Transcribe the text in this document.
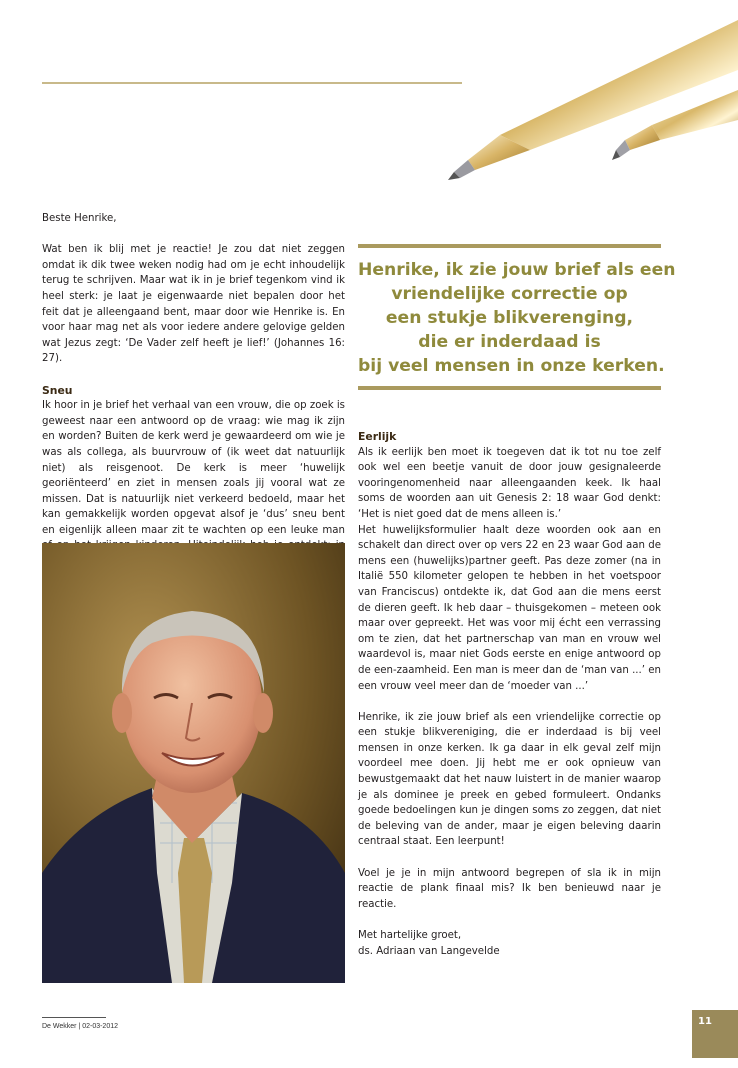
Beste Henrike,

Wat ben ik blij met je reactie! Je zou dat niet zeggen omdat ik dik twee weken nodig had om je echt inhoudelijk terug te schrijven. Maar wat ik in je brief tegenkom vind ik heel sterk: je laat je eigenwaarde niet bepalen door het feit dat je alleengaand bent, maar door wie Henrike is. En voor haar mag net als voor iedere andere gelovige gelden wat Jezus zegt: ‘De Vader zelf heeft je lief!’ (Johannes 16: 27).

Sneu

Ik hoor in je brief het verhaal van een vrouw, die op zoek is geweest naar een antwoord op de vraag: wie mag ik zijn en worden? Buiten de kerk werd je gewaardeerd om wie je was als collega, als buurvrouw of (ik weet dat natuurlijk niet) als reisgenoot. De kerk is meer ‘huwelijk georiënteerd’ en ziet in mensen zoals jij vooral wat ze missen. Dat is natuurlijk niet verkeerd bedoeld, maar het kan gemakkelijk worden opgevat alsof je ‘dus’ sneu bent en eigenlijk alleen maar zit te wachten op een leuke man

Henrike, ik zie jouw brief als een
vriendelijke correctie op
een stukje blikverenging,
die er inderdaad is
bij veel mensen in onze kerken.
Eerlijk

Als ik eerlijk ben moet ik toegeven dat ik tot nu toe zelf ook wel een beetje vanuit de door jouw gesignaleerde vooringenomenheid naar alleengaanden keek. Ik haal soms de woorden aan uit Genesis 2: 18 waar God denkt: ‘Het is niet goed dat de mens alleen is.’

Het huwelijksformulier haalt deze woorden ook aan en schakelt dan direct over op vers 22 en 23 waar God aan de mens een (huwelijks)partner geeft. Pas deze zomer (na in Italië 550 kilometer gelopen te hebben in het voetspoor van Franciscus) ontdekte ik, dat God aan die mens eerst de dieren geeft. Ik heb daar – thuisgekomen – meteen ook maar over gepreekt. Het was voor mij écht een verrassing om te zien, dat het partnerschap van man en vrouw wel waardevol is, maar niet Gods eerste en enige antwoord op de een-zaamheid. Een man is meer dan de ‘man van ...’ en een vrouw veel meer dan de ‘moeder van ...’

Henrike, ik zie jouw brief als een vriendelijke correctie op een stukje blikvereniging, die er inderdaad is bij veel mensen in onze kerken. Ik ga daar in elk geval zelf mijn voordeel mee doen. Jij hebt me er ook opnieuw van bewustgemaakt dat het nauw luistert in de manier waarop je als dominee je preek en gebed formuleert. Ondanks goede bedoelingen kun je dingen soms zo zeggen, dat niet de beleving van de ander, maar je eigen beleving daarin centraal staat. Een leerpunt!

Voel je je in mijn antwoord begrepen of sla ik in mijn reactie de plank finaal mis? Ik ben benieuwd naar je reactie.

Met hartelijke groet,

ds. Adriaan van Langevelde

De Wekker | 02-03-2012	11
